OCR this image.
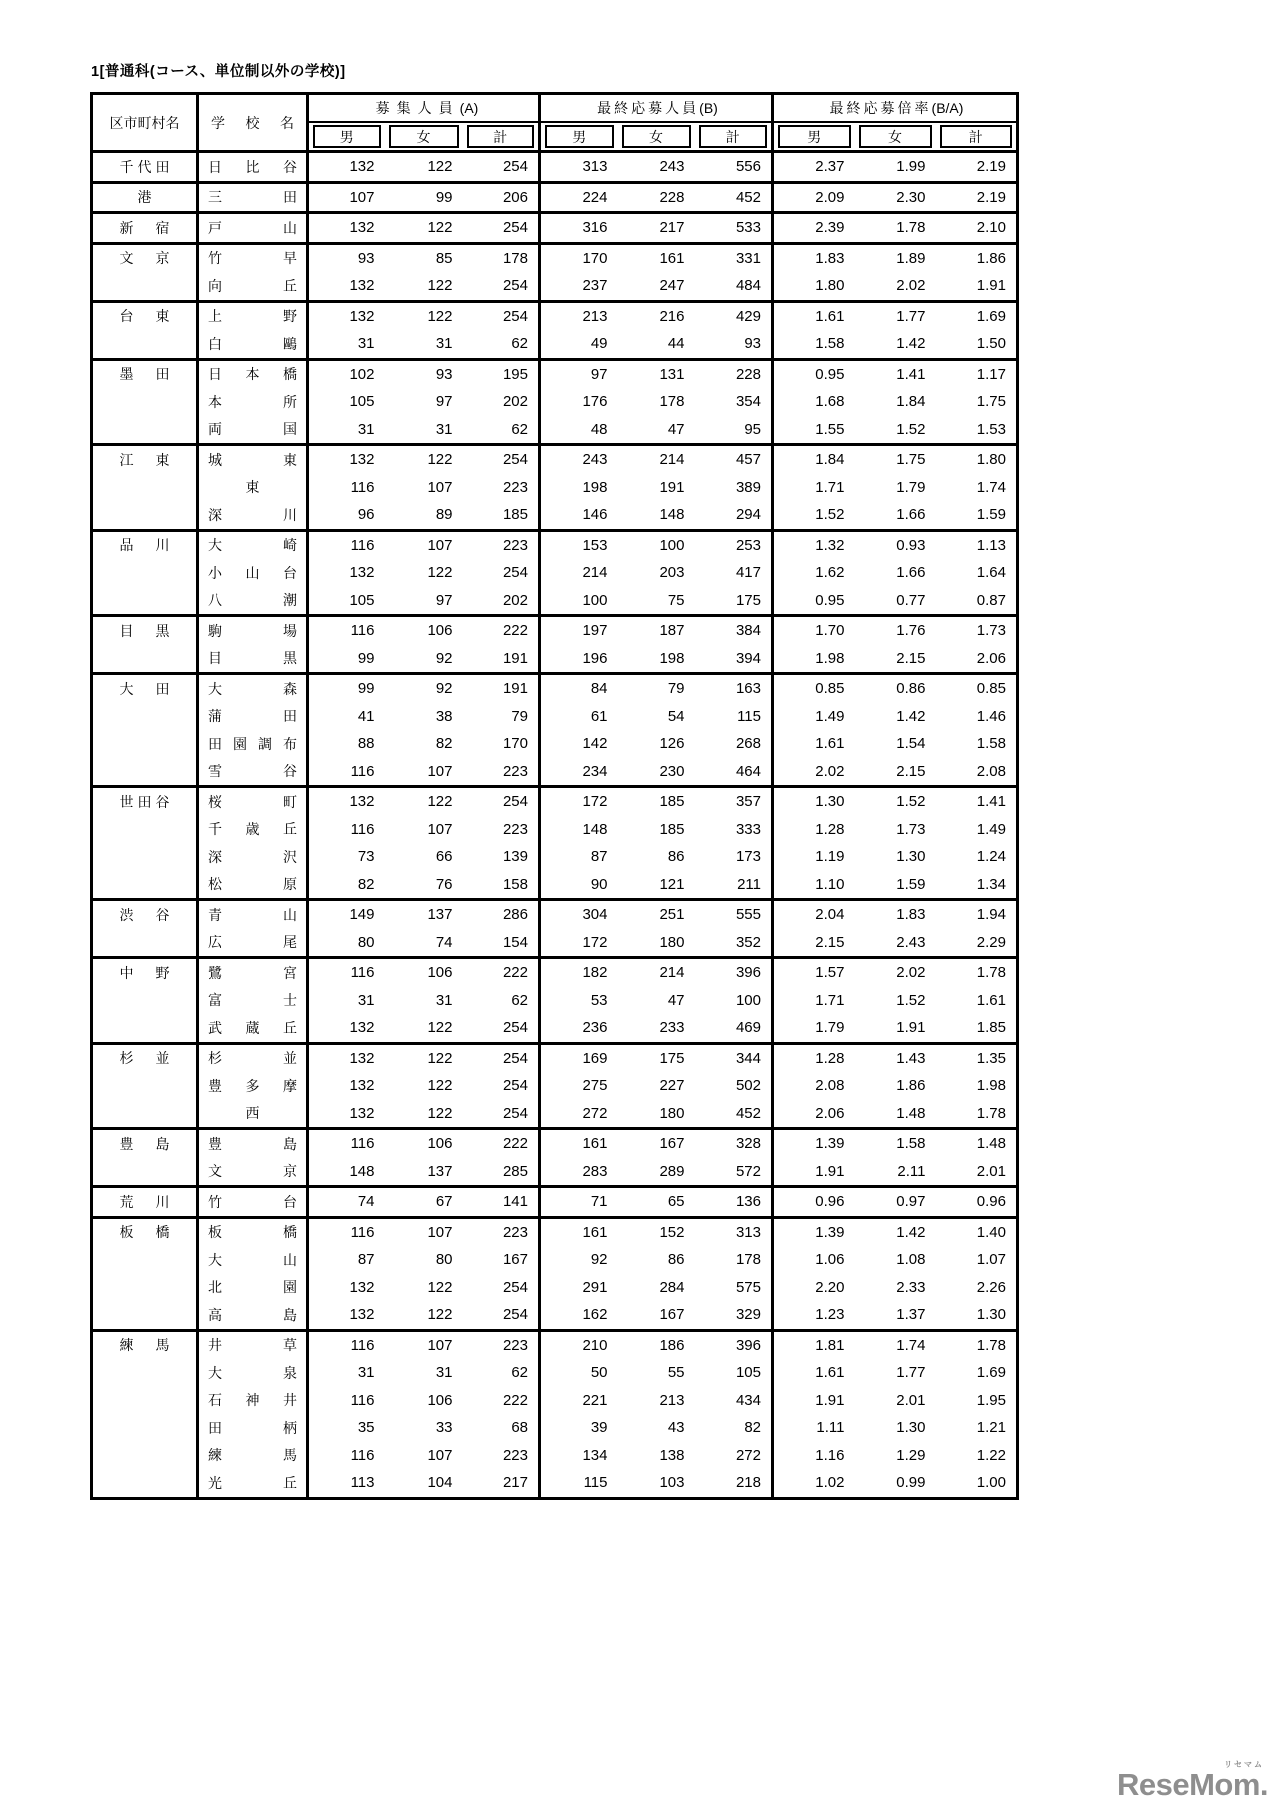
1[普通科(コース、単位制以外の学校)]
区市町村名	学 校 名	募集人員(A)			最終応募人員(B)			最終応募倍率(B/A)		

男	女	計	男	女	計	男	女	計

千 代 田	日 比 谷	132	122	254	313	243	556	2.37	1.99	2.19

港	三 田	107	99	206	224	228	452	2.09	2.30	2.19

新 宿	戸 山	132	122	254	316	217	533	2.39	1.78	2.10

文 京	竹 早	93	85	178	170	161	331	1.83	1.89	1.86

	向 丘	132	122	254	237	247	484	1.80	2.02	1.91

台 東	上 野	132	122	254	213	216	429	1.61	1.77	1.69

	白 鷗	31	31	62	49	44	93	1.58	1.42	1.50

墨 田	日 本 橋	102	93	195	97	131	228	0.95	1.41	1.17

	本 所	105	97	202	176	178	354	1.68	1.84	1.75

	両 国	31	31	62	48	47	95	1.55	1.52	1.53

江 東	城 東	132	122	254	243	214	457	1.84	1.75	1.80

	東	116	107	223	198	191	389	1.71	1.79	1.74

	深 川	96	89	185	146	148	294	1.52	1.66	1.59

品 川	大 崎	116	107	223	153	100	253	1.32	0.93	1.13

	小 山 台	132	122	254	214	203	417	1.62	1.66	1.64

	八 潮	105	97	202	100	75	175	0.95	0.77	0.87

目 黒	駒 場	116	106	222	197	187	384	1.70	1.76	1.73

	目 黒	99	92	191	196	198	394	1.98	2.15	2.06

大 田	大 森	99	92	191	84	79	163	0.85	0.86	0.85

	蒲 田	41	38	79	61	54	115	1.49	1.42	1.46

	田 園 調 布	88	82	170	142	126	268	1.61	1.54	1.58

	雪 谷	116	107	223	234	230	464	2.02	2.15	2.08

世 田 谷	桜 町	132	122	254	172	185	357	1.30	1.52	1.41

	千 歳 丘	116	107	223	148	185	333	1.28	1.73	1.49

	深 沢	73	66	139	87	86	173	1.19	1.30	1.24

	松 原	82	76	158	90	121	211	1.10	1.59	1.34

渋 谷	青 山	149	137	286	304	251	555	2.04	1.83	1.94

	広 尾	80	74	154	172	180	352	2.15	2.43	2.29

中 野	鷺 宮	116	106	222	182	214	396	1.57	2.02	1.78

	富 士	31	31	62	53	47	100	1.71	1.52	1.61

	武 蔵 丘	132	122	254	236	233	469	1.79	1.91	1.85

杉 並	杉 並	132	122	254	169	175	344	1.28	1.43	1.35

	豊 多 摩	132	122	254	275	227	502	2.08	1.86	1.98

	西	132	122	254	272	180	452	2.06	1.48	1.78

豊 島	豊 島	116	106	222	161	167	328	1.39	1.58	1.48

	文 京	148	137	285	283	289	572	1.91	2.11	2.01

荒 川	竹 台	74	67	141	71	65	136	0.96	0.97	0.96

板 橋	板 橋	116	107	223	161	152	313	1.39	1.42	1.40

	大 山	87	80	167	92	86	178	1.06	1.08	1.07

	北 園	132	122	254	291	284	575	2.20	2.33	2.26

	高 島	132	122	254	162	167	329	1.23	1.37	1.30

練 馬	井 草	116	107	223	210	186	396	1.81	1.74	1.78

	大 泉	31	31	62	50	55	105	1.61	1.77	1.69

	石 神 井	116	106	222	221	213	434	1.91	2.01	1.95

	田 柄	35	33	68	39	43	82	1.11	1.30	1.21

	練 馬	116	107	223	134	138	272	1.16	1.29	1.22

	光 丘	113	104	217	115	103	218	1.02	0.99	1.00
リセマム
ReseMom.
